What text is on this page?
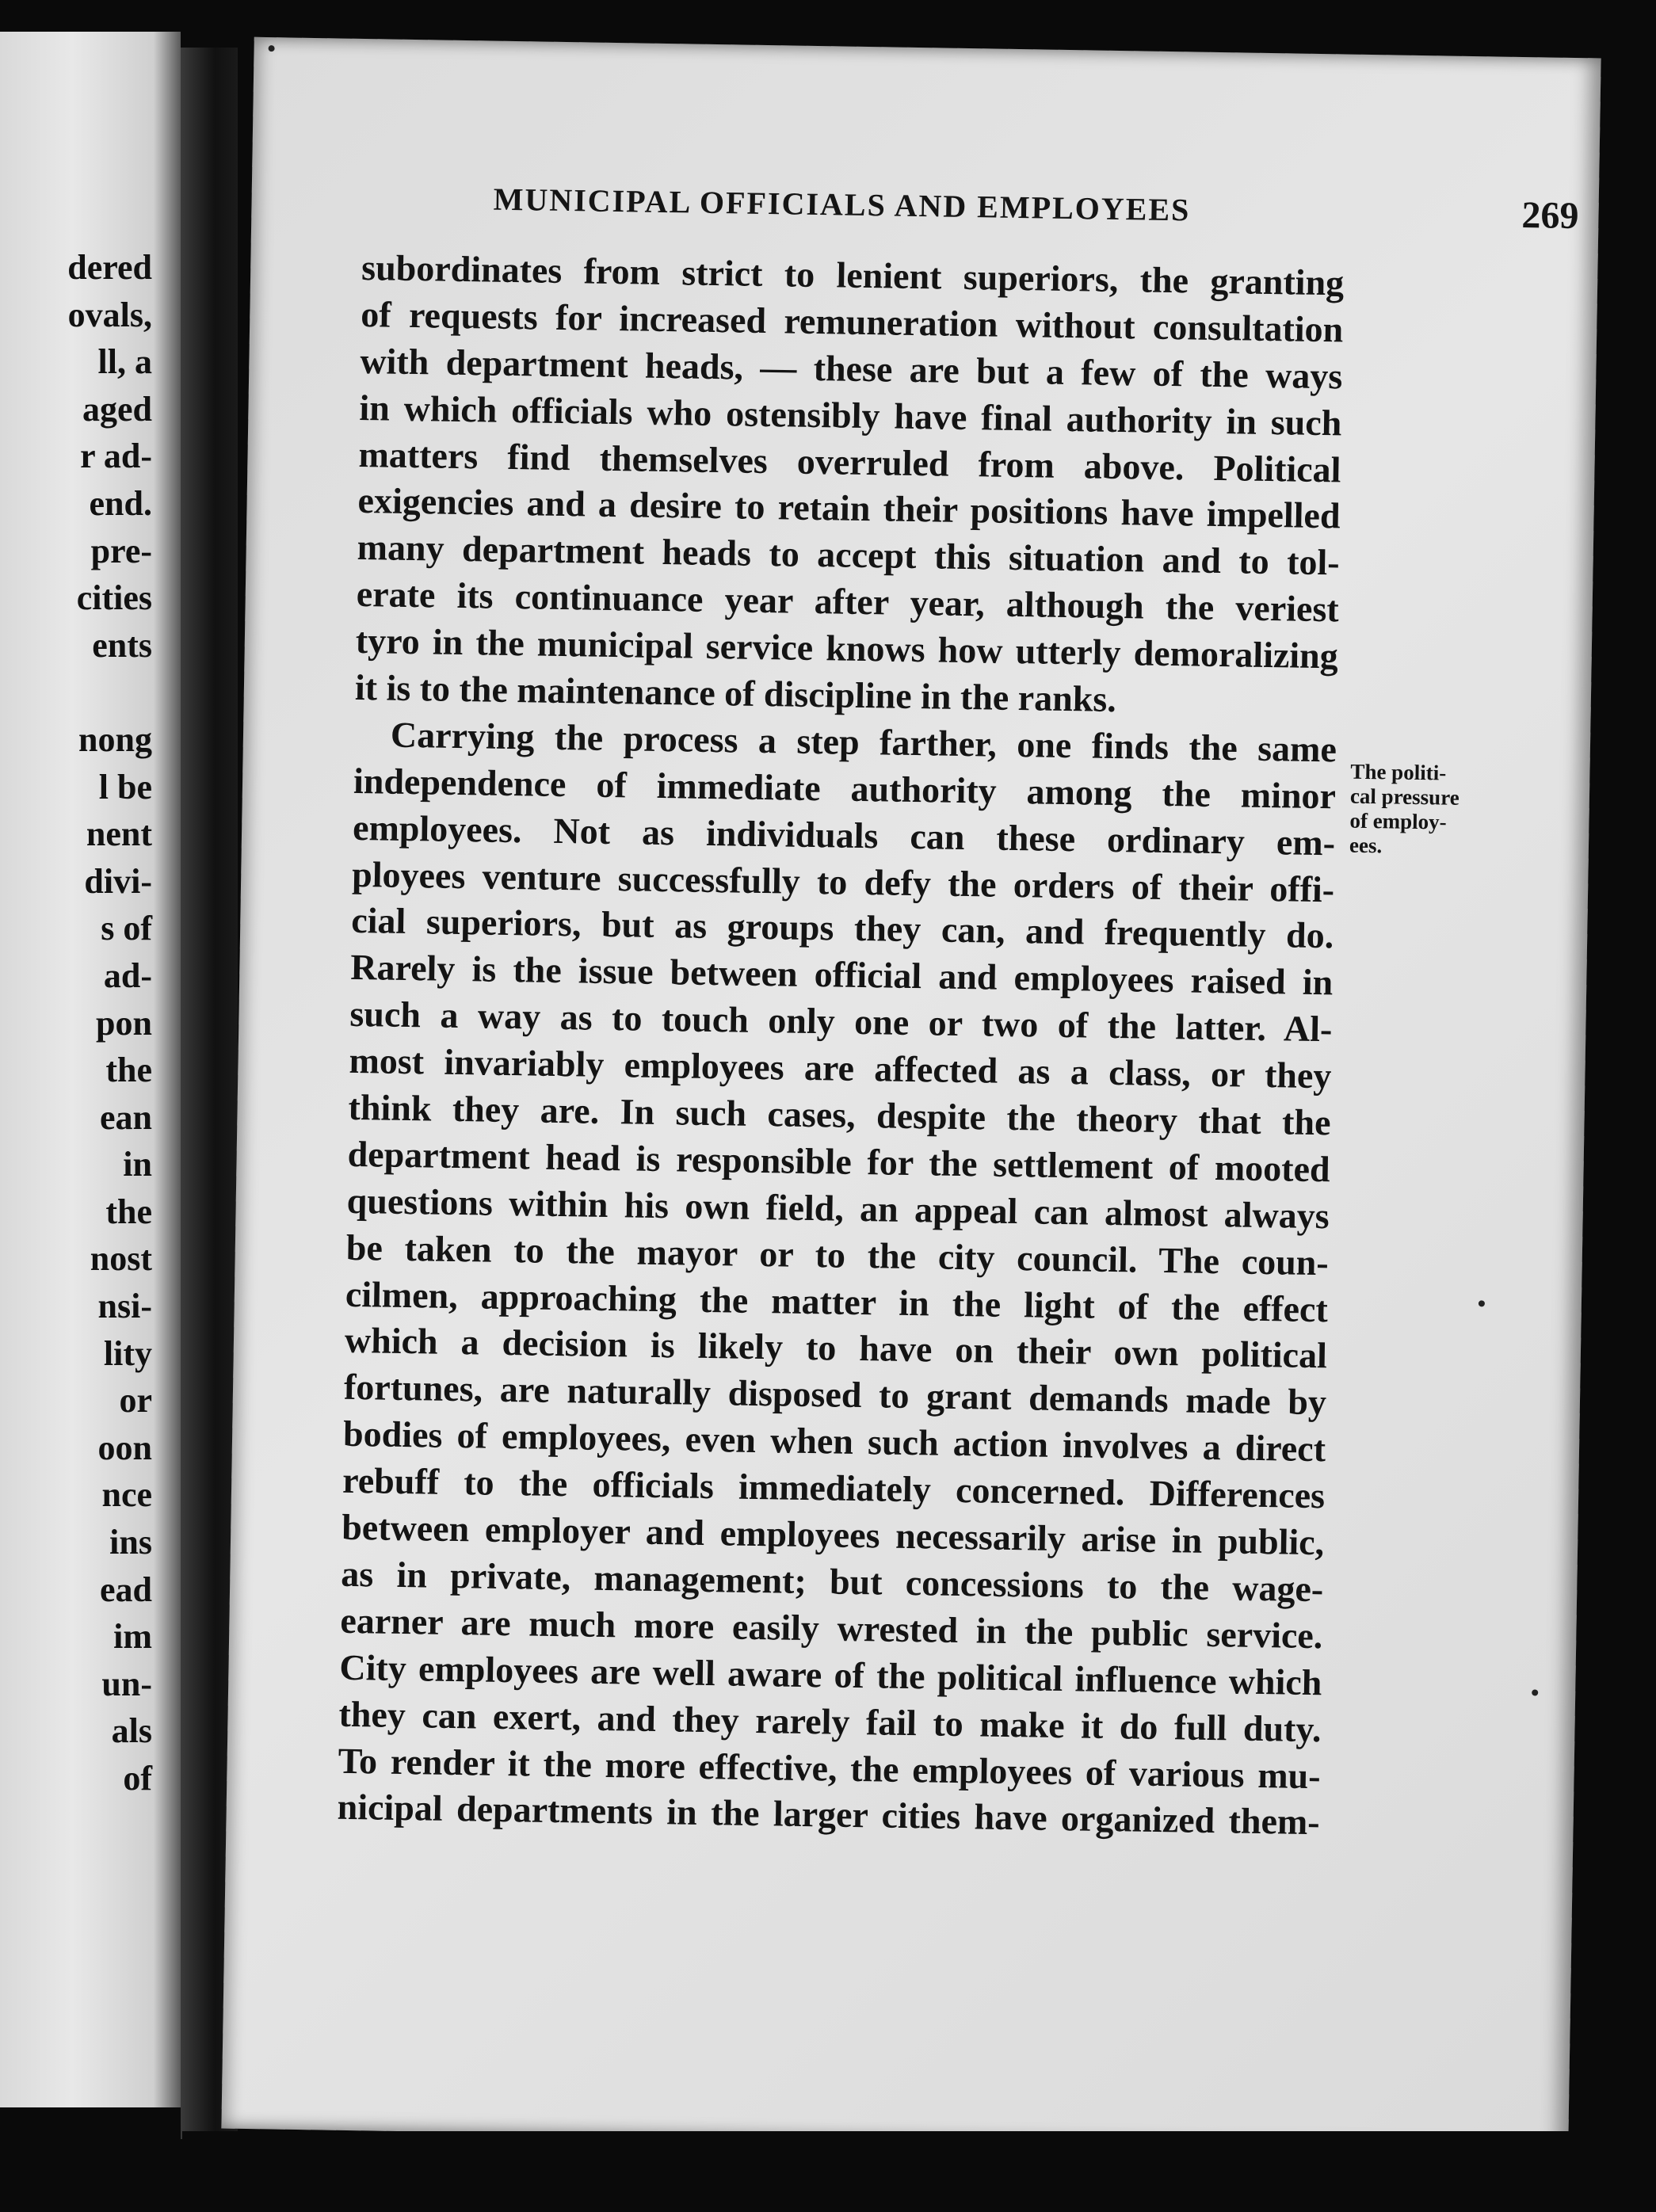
dered
ovals,
ll, a
aged
r ad-
end.
pre-
cities
ents

nong
l be
nent
divi-
s of
ad-
pon
the
ean
in
the
nost
nsi-
lity
or
oon
nce
ins
ead
im
un-
als
of
MUNICIPAL OFFICIALS AND EMPLOYEES	269
subordinates from strict to lenient superiors, the granting
of requests for increased remuneration without consultation
with department heads, — these are but a few of the ways
in which officials who ostensibly have final authority in such
matters find themselves overruled from above. Political
exigencies and a desire to retain their positions have impelled
many department heads to accept this situation and to tol-
erate its continuance year after year, although the veriest
tyro in the municipal service knows how utterly demoralizing
it is to the maintenance of discipline in the ranks.
Carrying the process a step farther, one finds the same
independence of immediate authority among the minor
employees. Not as individuals can these ordinary em-
ployees venture successfully to defy the orders of their offi-
cial superiors, but as groups they can, and frequently do.
Rarely is the issue between official and employees raised in
such a way as to touch only one or two of the latter. Al-
most invariably employees are affected as a class, or they
think they are. In such cases, despite the theory that the
department head is responsible for the settlement of mooted
questions within his own field, an appeal can almost always
be taken to the mayor or to the city council. The coun-
cilmen, approaching the matter in the light of the effect
which a decision is likely to have on their own political
fortunes, are naturally disposed to grant demands made by
bodies of employees, even when such action involves a direct
rebuff to the officials immediately concerned. Differences
between employer and employees necessarily arise in public,
as in private, management; but concessions to the wage-
earner are much more easily wrested in the public service.
City employees are well aware of the political influence which
they can exert, and they rarely fail to make it do full duty.
To render it the more effective, the employees of various mu-
nicipal departments in the larger cities have organized them-
The politi-
cal pressure
of employ-
ees.
